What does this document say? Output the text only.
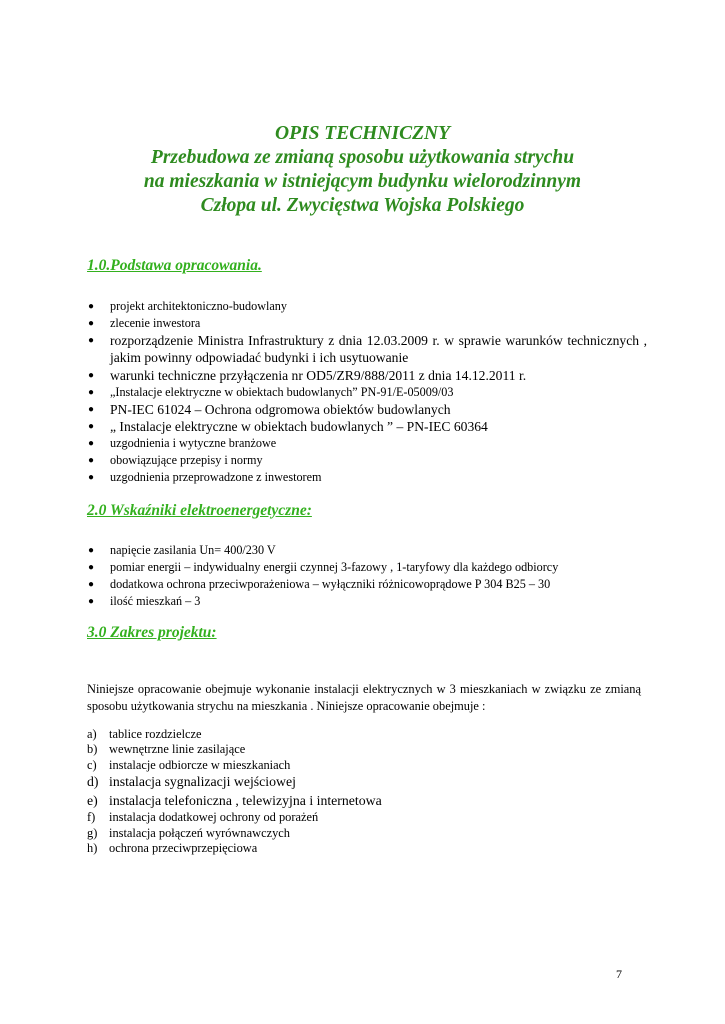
OPIS TECHNICZNY
Przebudowa ze zmianą sposobu użytkowania strychu
na mieszkania w istniejącym budynku wielorodzinnym
Człopa ul. Zwycięstwa Wojska Polskiego
1.0.Podstawa opracowania.
● projekt architektoniczno-budowlany
● zlecenie inwestora
● rozporządzenie Ministra Infrastruktury z dnia 12.03.2009 r. w sprawie warunków technicznych , jakim powinny odpowiadać budynki i ich usytuowanie
● warunki techniczne przyłączenia nr OD5/ZR9/888/2011 z dnia 14.12.2011 r.
● „Instalacje elektryczne w obiektach budowlanych” PN-91/E-05009/03
● PN-IEC 61024 – Ochrona odgromowa obiektów budowlanych
● „ Instalacje elektryczne w obiektach budowlanych ” – PN-IEC 60364
● uzgodnienia i wytyczne branżowe
● obowiązujące przepisy i normy
● uzgodnienia przeprowadzone z inwestorem
2.0 Wskaźniki elektroenergetyczne:
● napięcie zasilania Un= 400/230 V
● pomiar energii – indywidualny energii czynnej 3-fazowy , 1-taryfowy dla każdego odbiorcy
● dodatkowa ochrona przeciwporażeniowa – wyłączniki różnicowoprądowe P 304 B25 – 30
● ilość mieszkań – 3
3.0 Zakres projektu:
Niniejsze opracowanie obejmuje wykonanie instalacji elektrycznych w 3 mieszkaniach w związku ze zmianą sposobu użytkowania strychu na mieszkania . Niniejsze opracowanie obejmuje :
a) tablice rozdzielcze
b) wewnętrzne linie zasilające
c) instalacje odbiorcze w mieszkaniach
d) instalacja sygnalizacji wejściowej
e) instalacja telefoniczna , telewizyjna i internetowa
f) instalacja dodatkowej ochrony od porażeń
g) instalacja połączeń wyrównawczych
h) ochrona przeciwprzepięciowa
7
